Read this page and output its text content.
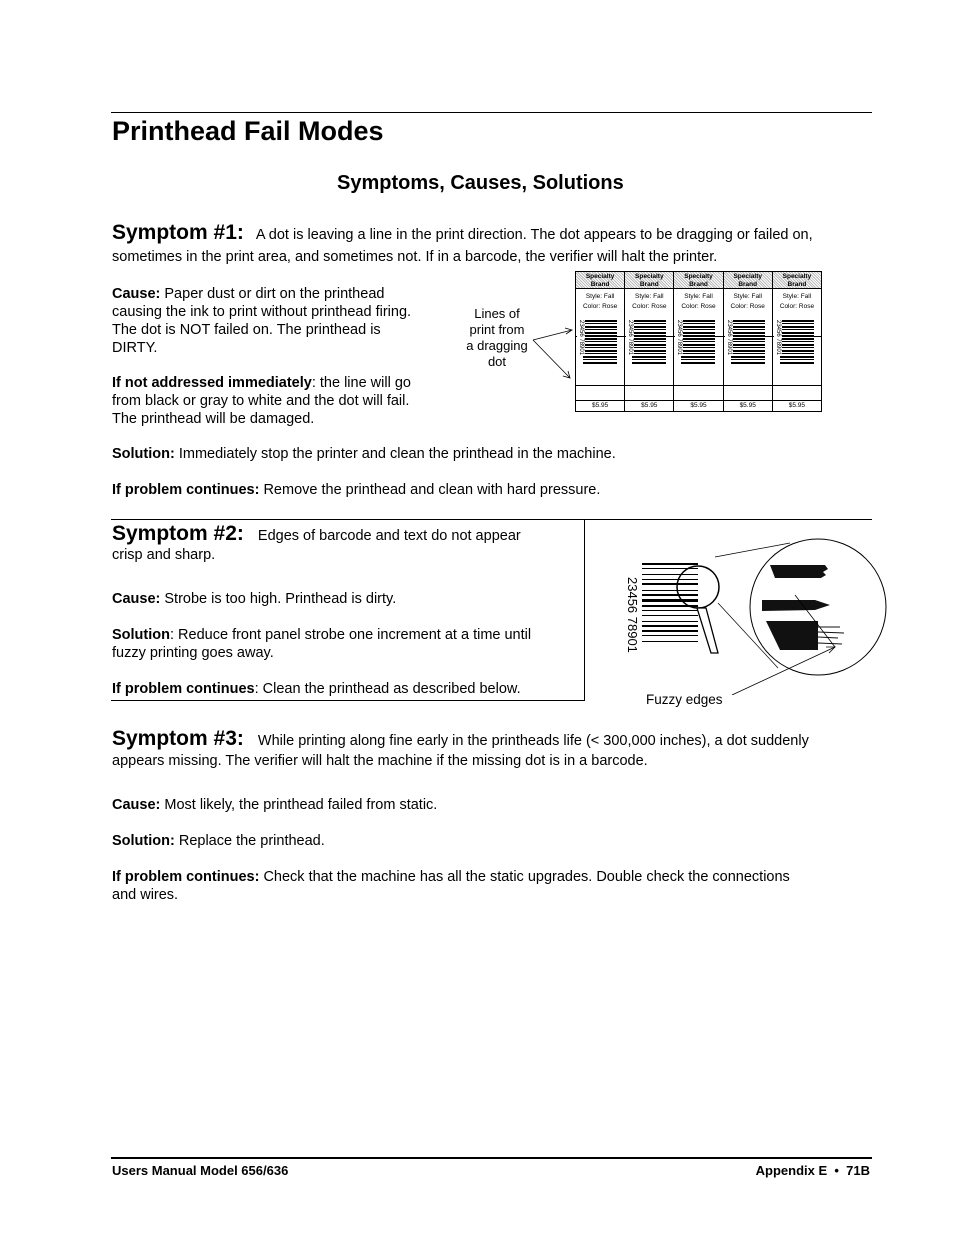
Printhead Fail Modes
Symptoms, Causes, Solutions
Symptom #1: A dot is leaving a line in the print direction. The dot appears to be dragging or failed on,
sometimes in the print area, and sometimes not. If in a barcode, the verifier will halt the printer.
Cause: Paper dust or dirt on the printhead
causing the ink to print without printhead firing.
The dot is NOT failed on. The printhead is
DIRTY.
If not addressed immediately: the line will go
from black or gray to white and the dot will fail.
The printhead will be damaged.
Lines of
print from
a dragging
dot
Specialty
Brand
Style: Fall
Color: Rose
23456 78901
$5.95
Specialty
Brand
Style: Fall
Color: Rose
23456 78901
$5.95
Specialty
Brand
Style: Fall
Color: Rose
23456 78901
$5.95
Specialty
Brand
Style: Fall
Color: Rose
23456 78901
$5.95
Specialty
Brand
Style: Fall
Color: Rose
23456 78901
$5.95
Solution: Immediately stop the printer and clean the printhead in the machine.
If problem continues: Remove the printhead and clean with hard pressure.
Symptom #2: Edges of barcode and text do not appear
crisp and sharp.
Cause: Strobe is too high. Printhead is dirty.
Solution: Reduce front panel strobe one increment at a time until
fuzzy printing goes away.
If problem continues: Clean the printhead as described below.
23456 78901
Fuzzy edges
Symptom #3: While printing along fine early in the printheads life (< 300,000 inches), a dot suddenly
appears missing. The verifier will halt the machine if the missing dot is in a barcode.
Cause: Most likely, the printhead failed from static.
Solution: Replace the printhead.
If problem continues: Check that the machine has all the static upgrades. Double check the connections
and wires.
Users Manual Model 656/636	Appendix E  •  71B
